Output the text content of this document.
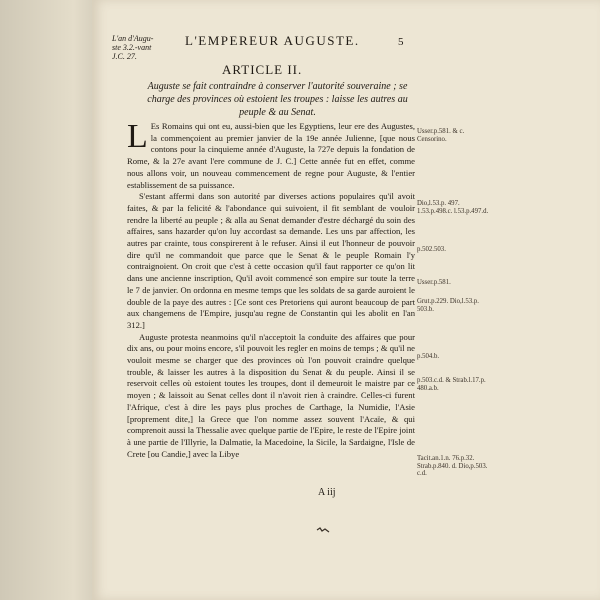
L'an d'Auguste 3.2.-vant J.C. 27.
L'EMPEREUR AUGUSTE.	5
ARTICLE II.
Auguste se fait contraindre à conserver l'autorité souveraine ; se charge des provinces où estoient les troupes : laisse les autres au peuple & au Senat.

L Es Romains qui ont eu, aussi-bien que les Egyptiens, leur ere des Augustes, la commençoient au premier janvier de la 19e année Julienne, [que nous contons pour la cinquieme année d'Auguste, la 727e depuis la fondation de Rome, & la 27e avant l'ere commune de J. C.] Cette année fut en effet, comme nous allons voir, un nouveau commencement de regne pour Auguste, & l'entier establissement de sa puissance.

S'estant affermi dans son autorité par diverses actions populaires qu'il avoit faites, & par la felicité & l'abondance qui suivoient, il fit semblant de vouloir rendre la liberté au peuple ; & alla au Senat demander d'estre déchargé du soin des affaires, sans hazarder qu'on luy accordast sa demande. Les uns par affection, les autres par crainte, tous conspirerent à le refuser. Ainsi il eut l'honneur de pouvoir dire qu'il ne commandoit que parce que le Senat & le peuple Romain l'y contraignoient. On croit que c'est à cette occasion qu'il faut rapporter ce qu'on lit dans une ancienne inscription, Qu'il avoit commencé son empire sur toute la terre le 7 de janvier. On ordonna en mesme temps que les soldats de sa garde auroient le double de la paye des autres : [Ce sont ces Pretoriens qui auront beaucoup de part aux changemens de l'Empire, jusqu'au regne de Constantin qui les abolit en l'an 312.]

Auguste protesta neanmoins qu'il n'acceptoit la conduite des affaires que pour dix ans, ou pour moins encore, s'il pouvoit les regler en moins de temps ; & qu'il ne vouloit mesme se charger que des provinces où l'on pouvoit craindre quelque trouble, & laisser les autres à la disposition du Senat & du peuple. Ainsi il se reservoit celles où estoient toutes les troupes, dont il demeuroit le maistre par ce moyen ; & laissoit au Senat celles dont il n'avoit rien à craindre. Celles-ci furent l'Afrique, c'est à dire les pays plus proches de Carthage, la Numidie, l'Asie [proprement dite,] la Grece que l'on nomme assez souvent l'Acaïe, & qui comprenoit aussi la Thessalie avec quelque partie de l'Epire, le reste de l'Epire joint à une partie de l'Illyrie, la Dalmatie, la Macedoine, la Sicile, la Sardaigne, l'Isle de Crete [ou Candie,] avec la Libye

Usser.p.581. & c. Censorino.
Dio,l.53.p. 497. 1.53.p.498.c. l.53.p.497.d.
p.502.503.
Usser.p.581.
Grut.p.229. Dio,l.53.p. 503.b.
p.504.b.
p.503.c.d. & Strab.l.17.p. 480.a.b.
Tacit.an.1.n. 76.p.32. Strab.p.840. d. Dio,p.503. c.d.
A iij
